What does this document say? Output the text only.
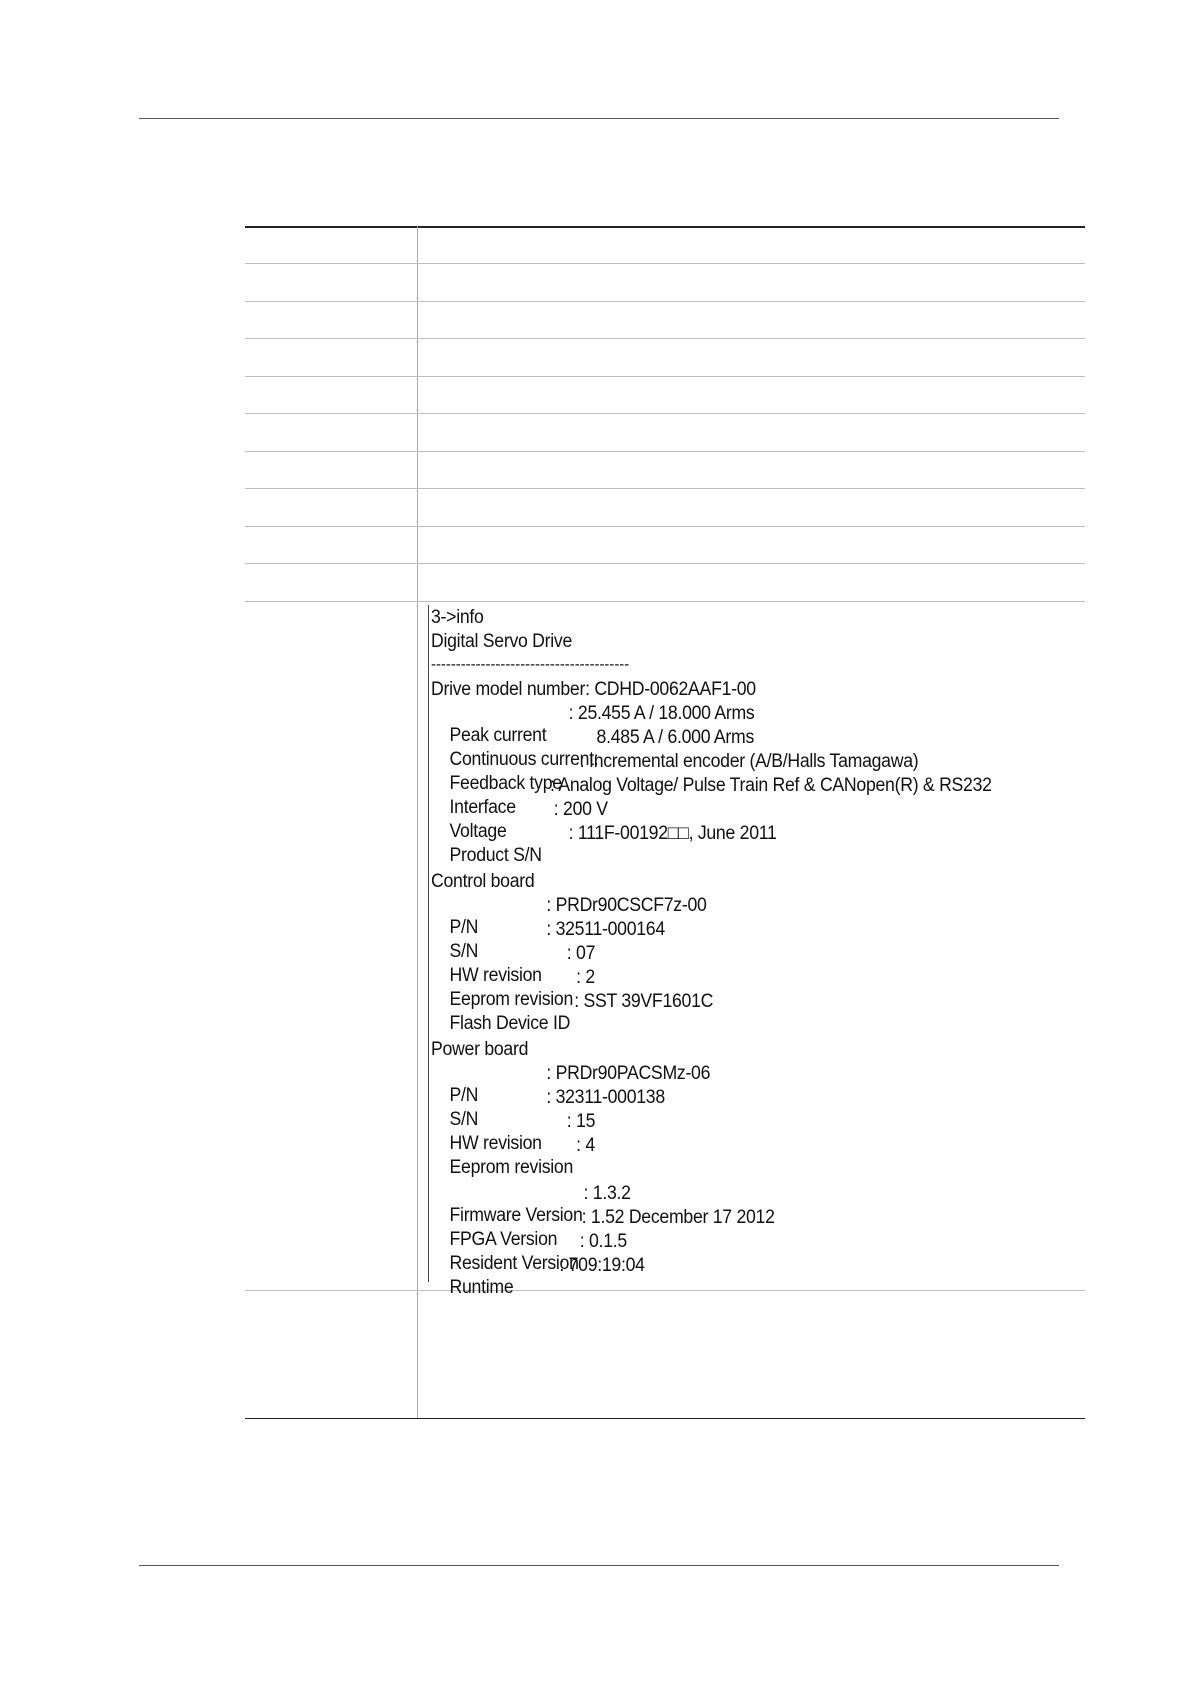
3->info
Digital Servo Drive
----------------------------------------
Drive model number: CDHD-0062AAF1-00

Peak current
: 25.455 A / 18.000 Arms

Continuous current:
8.485 A / 6.000 Arms

Feedback type
: Incremental encoder (A/B/Halls Tamagawa)

Interface
: Analog Voltage/ Pulse Train Ref & CANopen(R) & RS232

Voltage
: 200 V

Product S/N
: 111F-00192□□, June 2011

Control board

P/N
: PRDr90CSCF7z-00

S/N
: 32511-000164

HW revision
: 07

Eeprom revision
: 2

Flash Device ID
: SST 39VF1601C

Power board

P/N
: PRDr90PACSMz-06

S/N
: 32311-000138

HW revision
: 15

Eeprom revision
: 4

Firmware Version
: 1.3.2

FPGA Version
: 1.52 December 17 2012

Resident Version
: 0.1.5

Runtime
: 709:19:04
